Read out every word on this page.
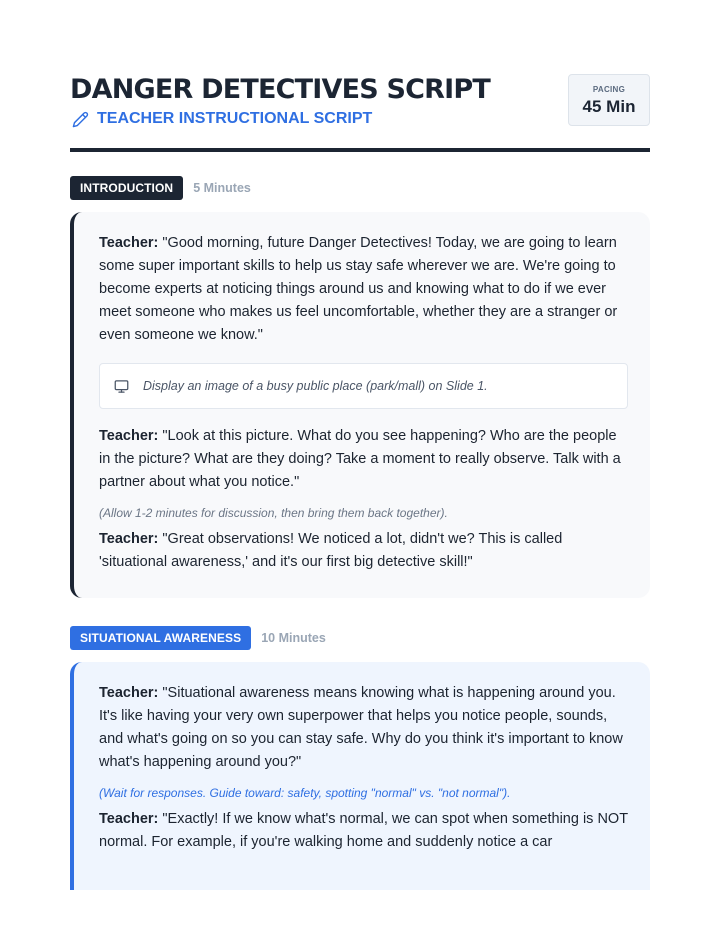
DANGER DETECTIVES SCRIPT
TEACHER INSTRUCTIONAL SCRIPT
PACING
45 Min
INTRODUCTION	5 Minutes

Teacher: "Good morning, future Danger Detectives! Today, we are going to learn some super important skills to help us stay safe wherever we are. We're going to become experts at noticing things around us and knowing what to do if we ever meet someone who makes us feel uncomfortable, whether they are a stranger or even someone we know."

Display an image of a busy public place (park/mall) on Slide 1.

Teacher: "Look at this picture. What do you see happening? Who are the people in the picture? What are they doing? Take a moment to really observe. Talk with a partner about what you notice."

(Allow 1-2 minutes for discussion, then bring them back together).

Teacher: "Great observations! We noticed a lot, didn't we? This is called 'situational awareness,' and it's our first big detective skill!"

SITUATIONAL AWARENESS	10 Minutes

Teacher: "Situational awareness means knowing what is happening around you. It's like having your very own superpower that helps you notice people, sounds, and what's going on so you can stay safe. Why do you think it's important to know what's happening around you?"

(Wait for responses. Guide toward: safety, spotting "normal" vs. "not normal").

Teacher: "Exactly! If we know what's normal, we can spot when something is NOT normal. For example, if you're walking home and suddenly notice a car
